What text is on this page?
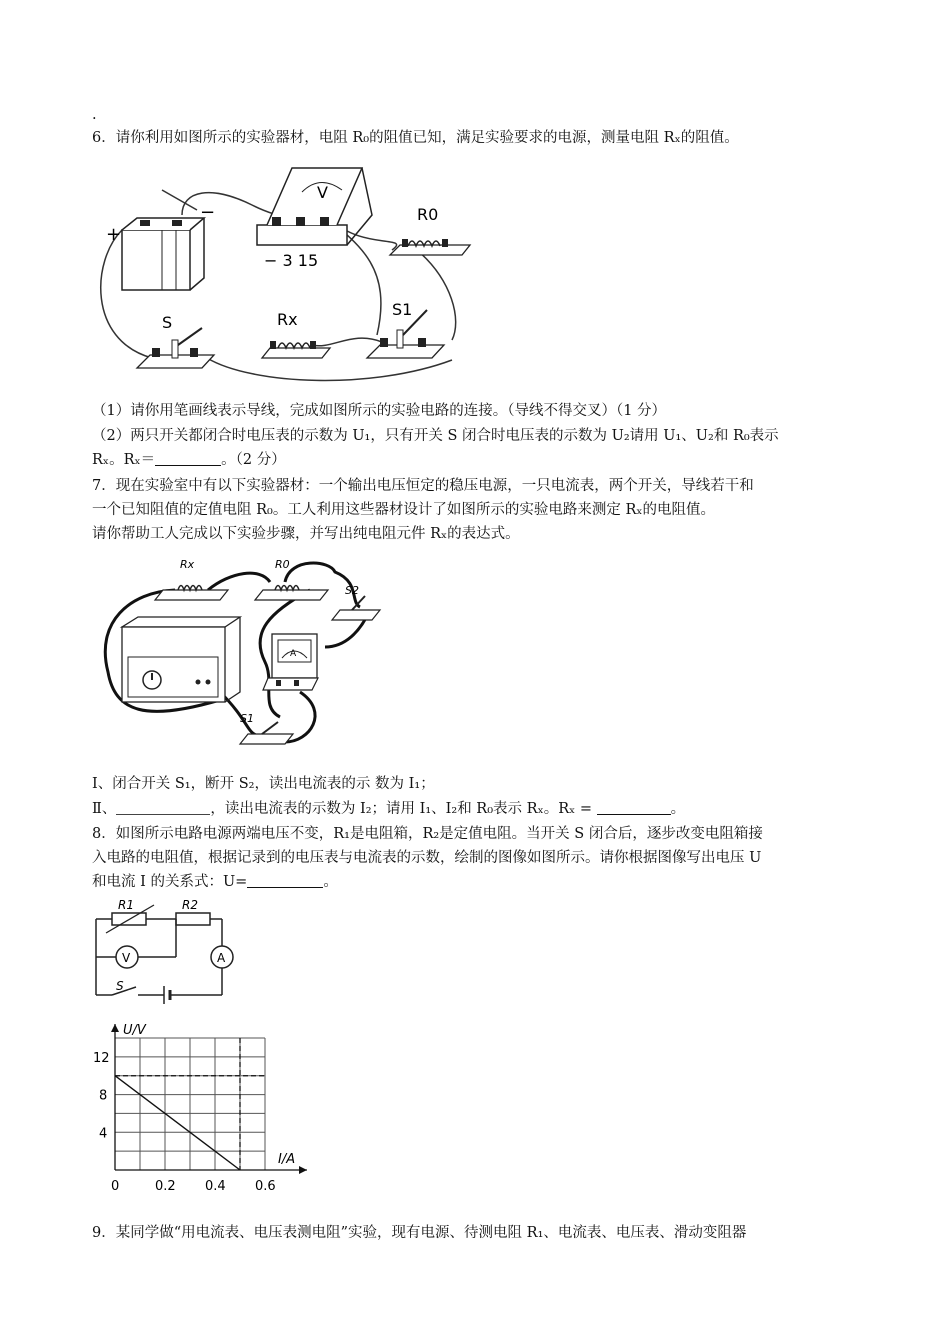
.
6．请你利用如图所示的实验器材，电阻 R₀的阻值已知，满足实验要求的电源，测量电阻 Rₓ的阻值。
+
−
V
− 3 15
R0
S	Rx
S1
（1）请你用笔画线表示导线，完成如图所示的实验电路的连接。（导线不得交叉）（1 分）
（2）两只开关都闭合时电压表的示数为 U₁，只有开关 S 闭合时电压表的示数为 U₂请用 U₁、U₂和 R₀表示
Rₓ。Rₓ＝	。（2 分）
7．现在实验室中有以下实验器材：一个输出电压恒定的稳压电源，一只电流表，两个开关，导线若干和
一个已知阻值的定值电阻 R₀。工人利用这些器材设计了如图所示的实验电路来测定 Rₓ的电阻值。
请你帮助工人完成以下实验步骤，并写出纯电阻元件 Rₓ的表达式。
Rx	R0
S2
A
S1
Ⅰ、闭合开关 S₁，断开 S₂，读出电流表的示 数为 I₁；
Ⅱ、	，读出电流表的示数为 I₂；请用 I₁、I₂和 R₀表示 Rₓ。Rₓ =	。
8．如图所示电路电源两端电压不变，R₁是电阻箱，R₂是定值电阻。当开关 S 闭合后，逐步改变电阻箱接
入电路的电阻值，根据记录到的电压表与电流表的示数，绘制的图像如图所示。请你根据图像写出电压 U
和电流 I 的关系式：U=	。
R1	R2
A
V
S
0	0.2 0.4 0.6
4
8
12
I/A
U/V
9．某同学做“用电流表、电压表测电阻”实验，现有电源、待测电阻 R₁、电流表、电压表、滑动变阻器
